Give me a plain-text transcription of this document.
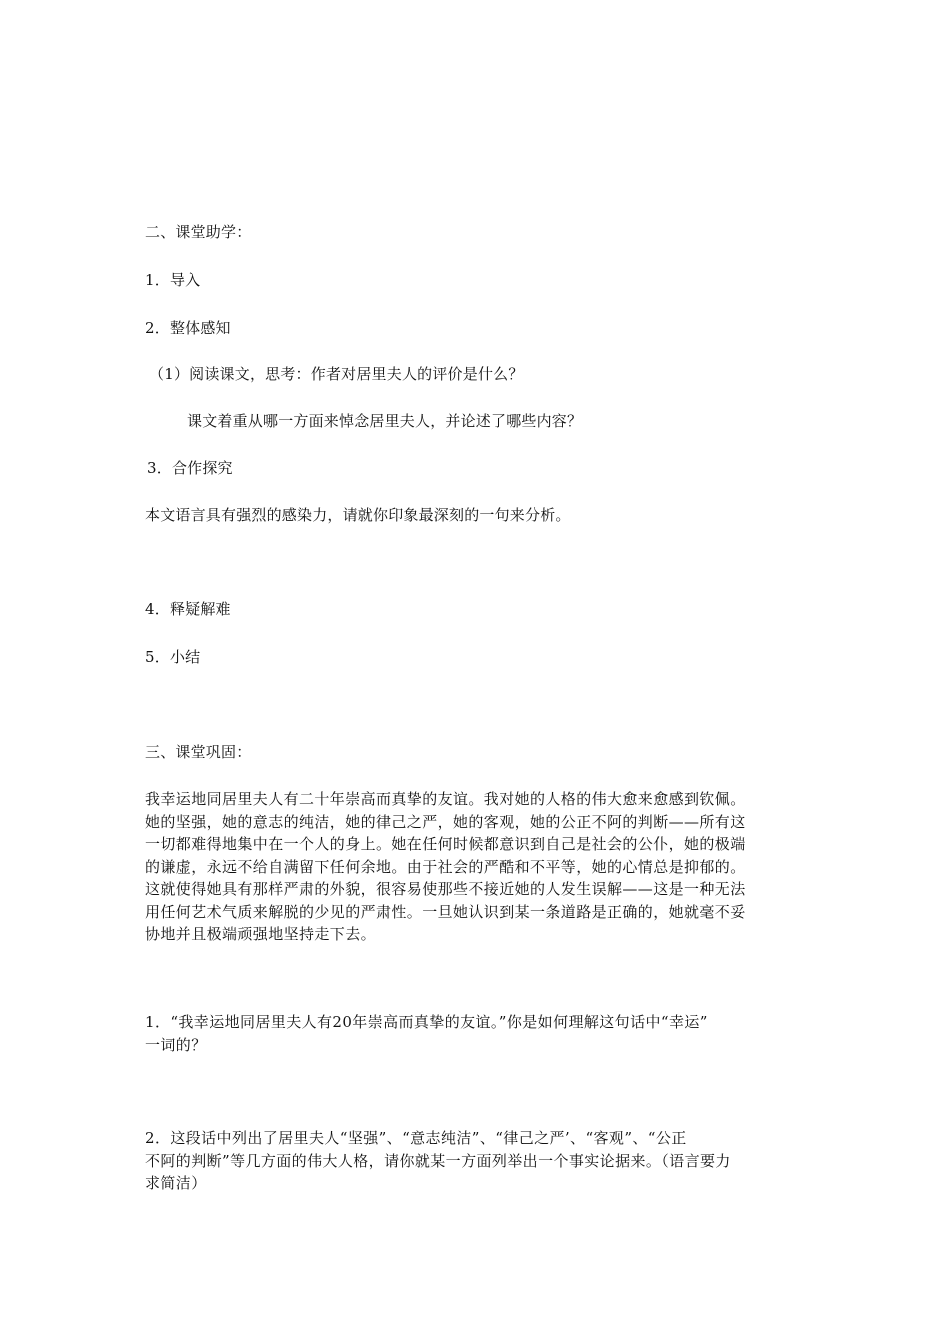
二、课堂助学：
1．导入
2．整体感知
（1）阅读课文，思考：作者对居里夫人的评价是什么？
课文着重从哪一方面来悼念居里夫人，并论述了哪些内容？
3．合作探究
本文语言具有强烈的感染力，请就你印象最深刻的一句来分析。
4．释疑解难
5．小结
三、课堂巩固：
我幸运地同居里夫人有二十年崇高而真挚的友谊。我对她的人格的伟大愈来愈感到钦佩。
她的坚强，她的意志的纯洁，她的律己之严，她的客观，她的公正不阿的判断——所有这
一切都难得地集中在一个人的身上。她在任何时候都意识到自己是社会的公仆，她的极端
的谦虚，永远不给自满留下任何余地。由于社会的严酷和不平等，她的心情总是抑郁的。
这就使得她具有那样严肃的外貌，很容易使那些不接近她的人发生误解——这是一种无法
用任何艺术气质来解脱的少见的严肃性。一旦她认识到某一条道路是正确的，她就毫不妥
协地并且极端顽强地坚持走下去。
1．“我幸运地同居里夫人有20年崇高而真挚的友谊。”你是如何理解这句话中“幸运”
一词的？
2．这段话中列出了居里夫人“坚强”、“意志纯洁”、“律己之严’、“客观”、“公正
不阿的判断”等几方面的伟大人格，请你就某一方面列举出一个事实论据来。（语言要力
求简洁）
